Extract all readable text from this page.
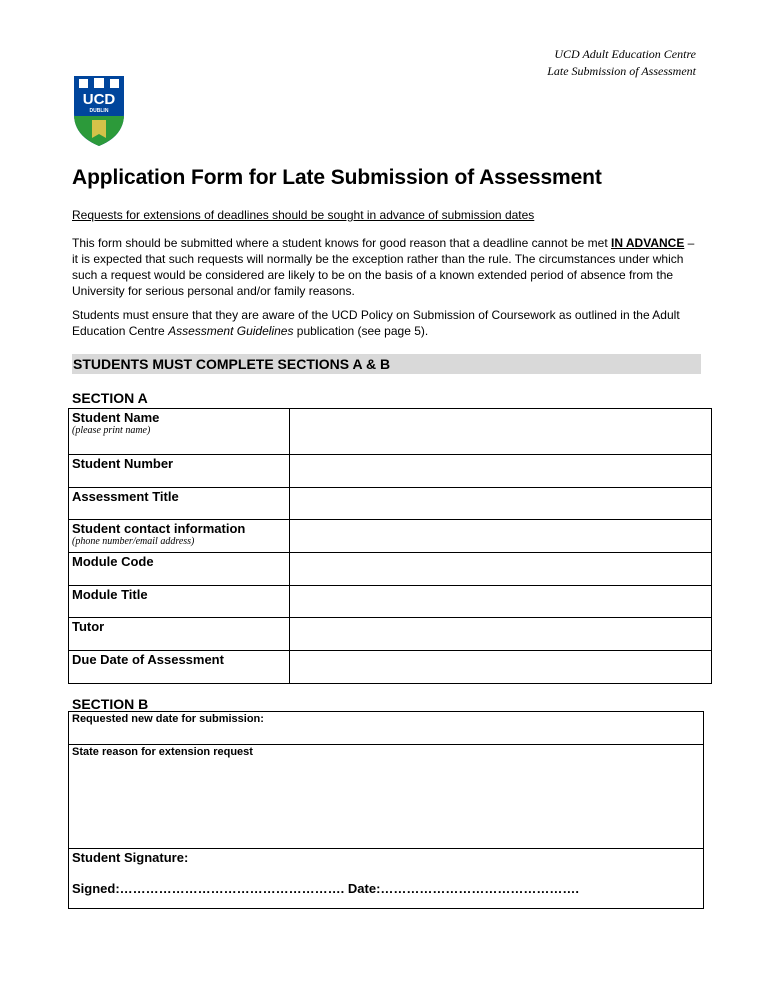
UCD Adult Education Centre
Late Submission of Assessment
UCD
DUBLIN
Application Form for Late Submission of Assessment
Requests for extensions of deadlines should be sought in advance of submission dates

This form should be submitted where a student knows for good reason that a deadline cannot be met IN ADVANCE – it is expected that such requests will normally be the exception rather than the rule. The circumstances under which such a request would be considered are likely to be on the basis of a known extended period of absence from the University for serious personal and/or family reasons.

Students must ensure that they are aware of the UCD Policy on Submission of Coursework as outlined in the Adult Education Centre Assessment Guidelines publication (see page 5).

STUDENTS MUST COMPLETE SECTIONS A & B
SECTION A
Student Name
(please print name)	

Student Number	

Assessment Title	

Student contact information
(phone number/email address)	

Module Code	

Module Title	

Tutor	

Due Date of Assessment	

SECTION B
Requested new date for submission:

State reason for extension request

Student Signature:
Signed:……………………………………………. Date:……………………………………….
